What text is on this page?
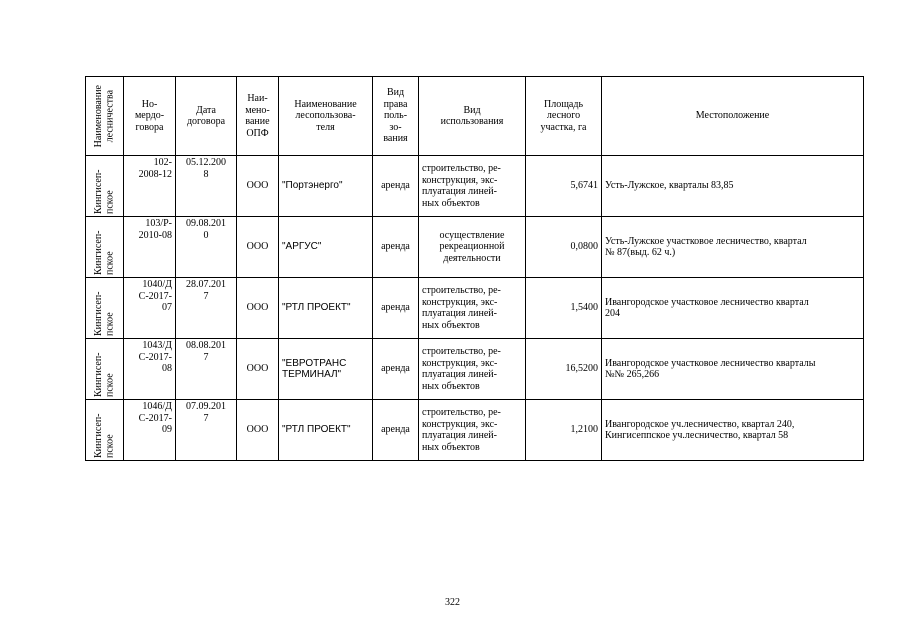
Наименование
лесничества	Но-
мердо-
говора	Дата
договора	Наи-
мено-
вание
ОПФ	Наименование
лесопользова-
теля	Вид
права
поль-
зо-
вания	Вид
использования	Площадь
лесного
участка, га	Местоположение

Кингисеп-
пское	102-
2008-12	05.12.200
8	ООО	"Портэнерго"	аренда	строительство, ре-
конструкция, экс-
плуатация линей-
ных объектов	5,6741	Усть-Лужское, кварталы 83,85

Кингисеп-
пское	103/Р-
2010-08	09.08.201
0	ООО	"АРГУС"	аренда	осуществление
рекреационной
деятельности	0,0800	Усть-Лужское участковое лесничество, квартал
№ 87(выд. 62 ч.)

Кингисеп-
пское	1040/Д
С-2017-
07	28.07.201
7	ООО	"РТЛ ПРОЕКТ"	аренда	строительство, ре-
конструкция, экс-
плуатация линей-
ных объектов	1,5400	Ивангородское участковое лесничество квартал
204

Кингисеп-
пское	1043/Д
С-2017-
08	08.08.201
7	ООО	"ЕВРОТРАНС
ТЕРМИНАЛ"	аренда	строительство, ре-
конструкция, экс-
плуатация линей-
ных объектов	16,5200	Ивангородское участковое лесничество кварталы
№№ 265,266

Кингисеп-
пское	1046/Д
С-2017-
09	07.09.201
7	ООО	"РТЛ ПРОЕКТ"	аренда	строительство, ре-
конструкция, экс-
плуатация линей-
ных объектов	1,2100	Ивангородское уч.лесничество, квартал 240,
Кингисеппское уч.лесничество, квартал 58
322
